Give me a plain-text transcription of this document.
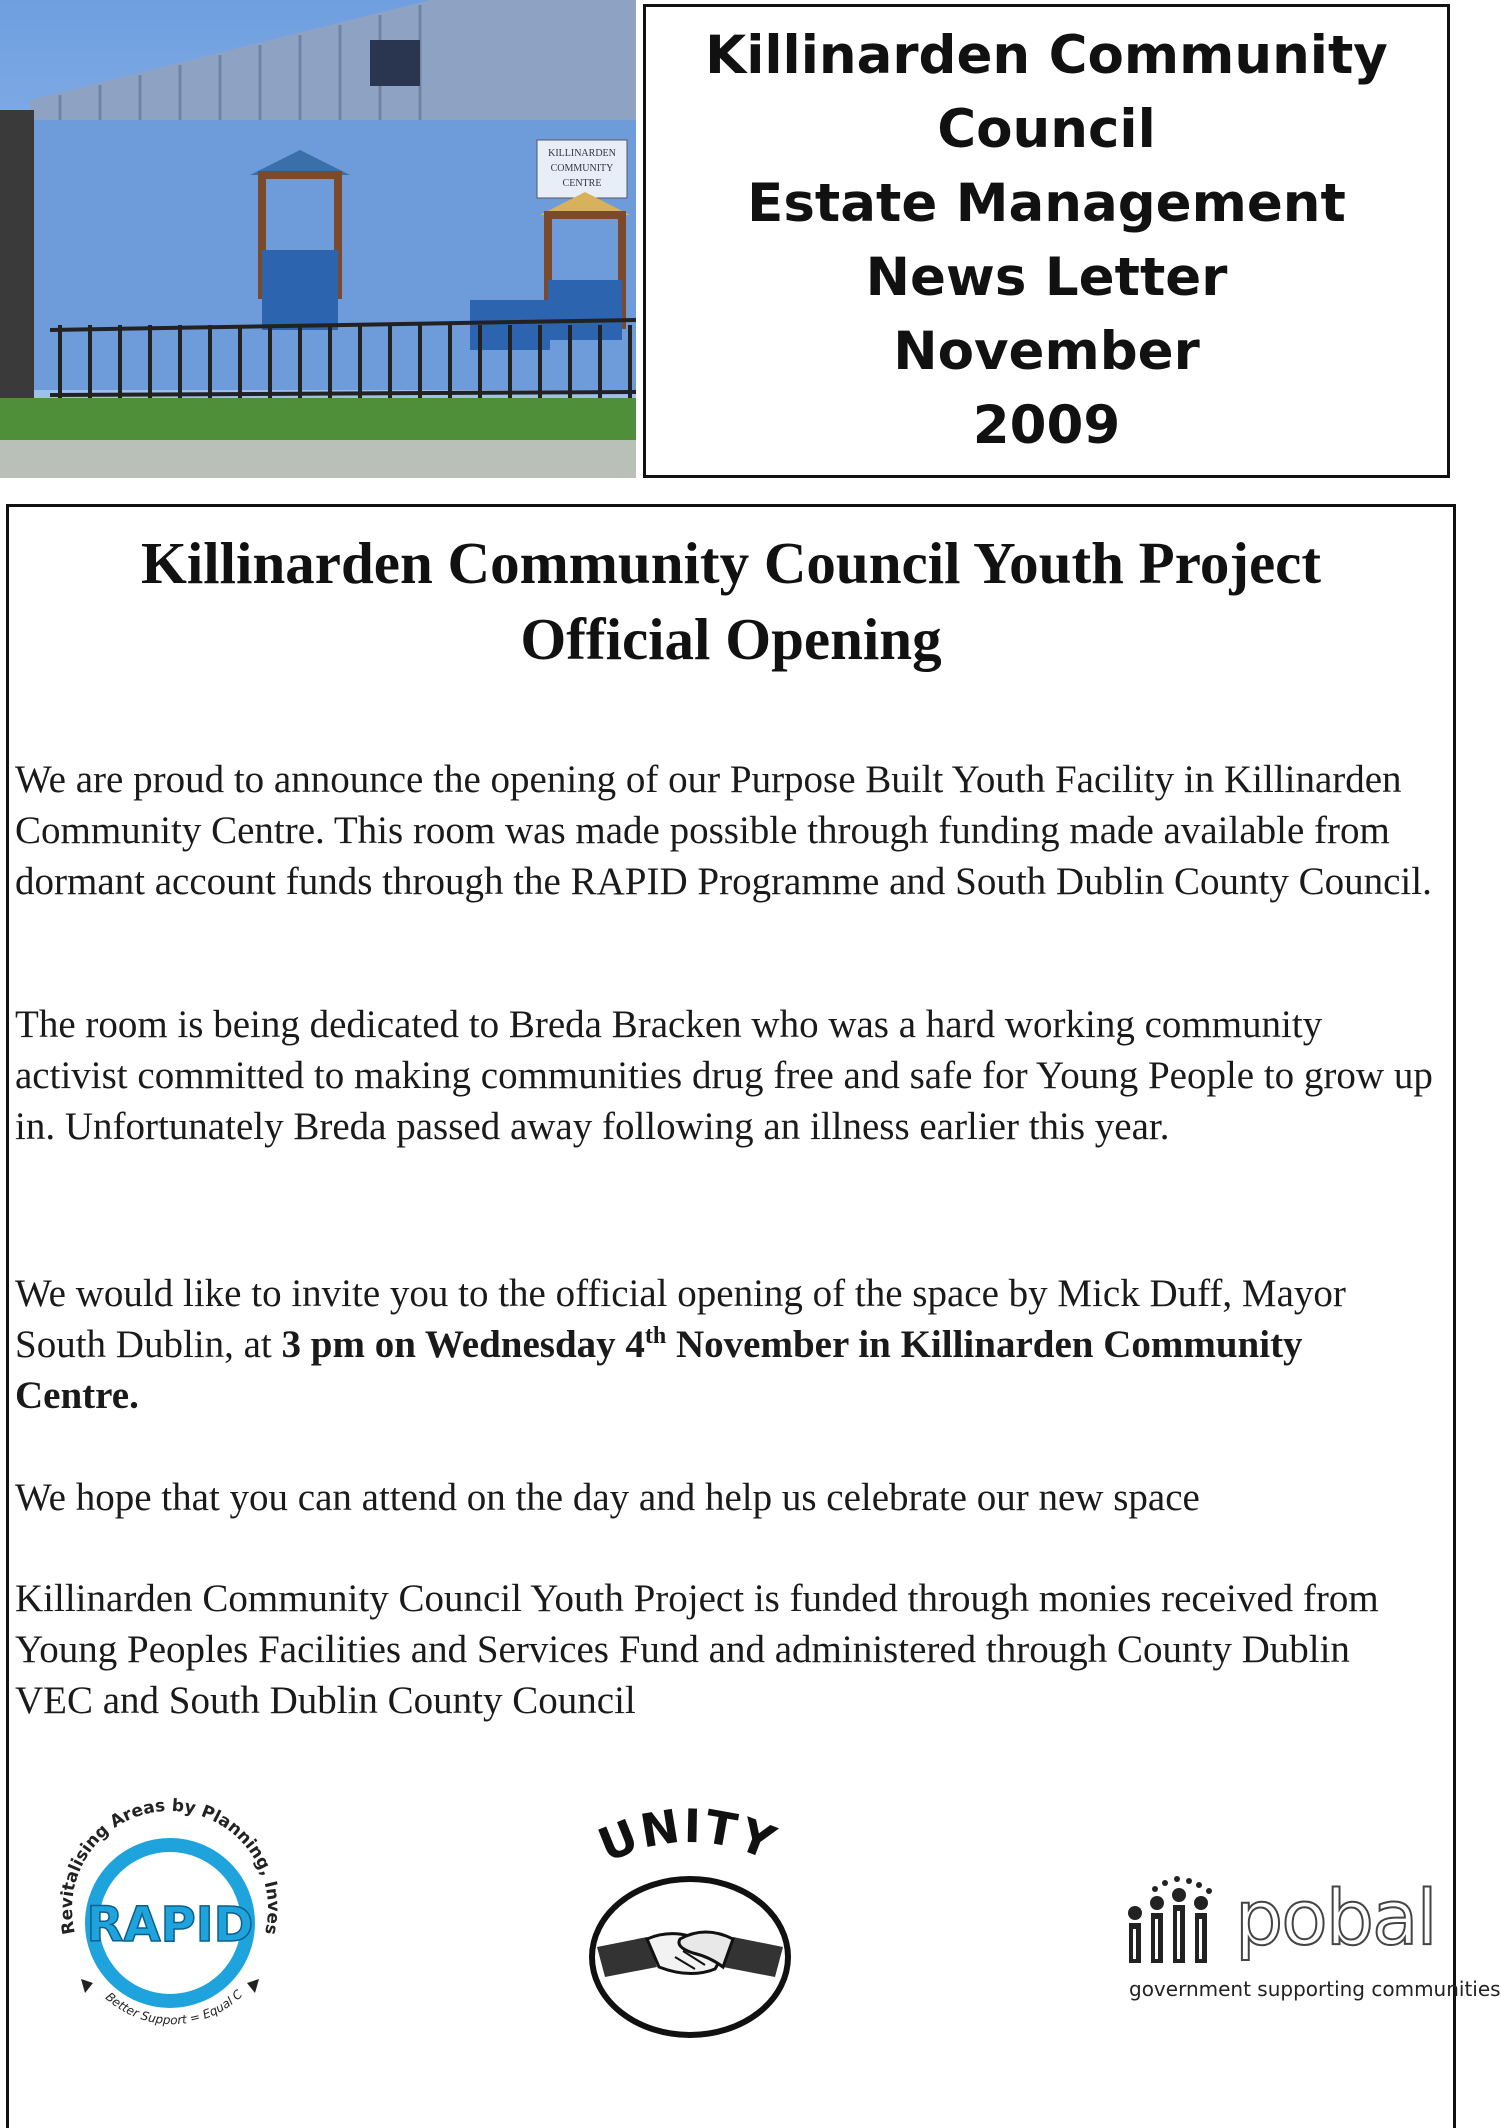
KILLINARDEN
COMMUNITY
CENTRE
Killinarden Community
Council
Estate Management
News Letter
November
2009
Killinarden Community Council Youth Project
Official Opening

We are proud to announce the opening of our Purpose Built Youth Facility in Killinarden Community Centre. This room was made possible through funding made available from dormant account funds through the RAPID Programme and South Dublin County Council.

The room is being dedicated to Breda Bracken who was a hard working community activist committed to making communities drug free and safe for Young People to grow up in. Unfortunately Breda passed away following an illness earlier this year.

We would like to invite you to the official opening of the space by Mick Duff, Mayor South Dublin, at 3 pm on Wednesday 4th November in Killinarden Community Centre.

We hope that you can attend on the day and help us celebrate our new space

Killinarden Community Council Youth Project is funded through monies received from Young Peoples Facilities and Services Fund and administered through County Dublin VEC and South Dublin County Council

Revitalising Areas by Planning, Inves
Better Support = Equal C
RAPID
UNITY
pobal
government supporting communities
